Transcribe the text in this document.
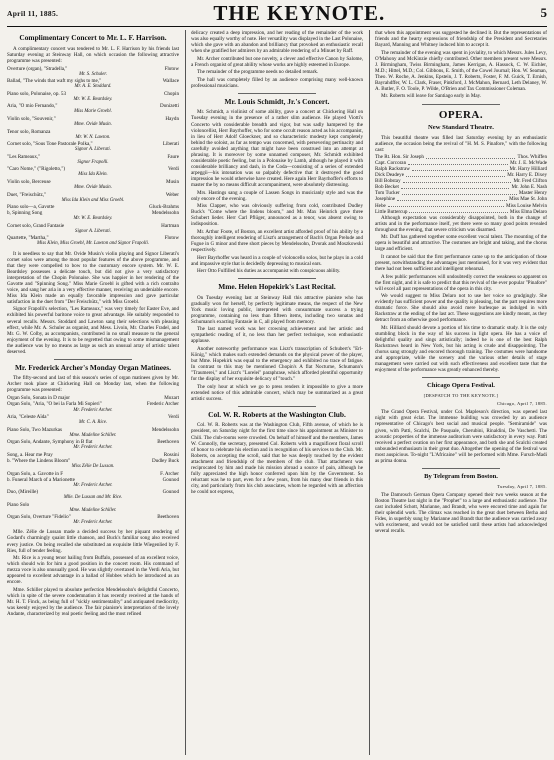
April 11, 1885.	THE KEYNOTE.	5
Complimentary Concert to Mr. L. F. Harrison.

A complimentary concert was tendered to Mr. L. F. Harrison by his friends last Saturday evening at Steinway Hall, on which occasion the following attractive programme was presented:

Overture (organ), "Stradella,"	Flotow
Mr. S. Schuler.
Ballad, "The winds that waft my sighs to me,"	Wallace
Mr. A. E. Stoddard.
Piano solo, Polonaise, op. 53	Chopin
Mr. W. E. Beardsley.
Aria, "O mio Fernando,"	Donizetti
Miss Marie Groebl.
Violin solo, "Souvenir,"	Haydn
Mme. Ovide Musin.
Tenor solo, Romanza
Mr. W. N. Lawton.
Cornet solo, "Sous Tone Pastorale Polka,"	Liberati
Signor A. Liberati.
"Les Rameaux,"	Faure
Signor Frapolli.
"Caro Nome," ("Rigoletto,")	Verdi
Miss Ida Klein.
Violin solo, Berceuse	Musin
Mme. Ovide Musin.
Duet, "Freischütz,"	Weber
Miss Ida Klein and Miss Groebl.
Piano solo—a, Gavotte	Gluck-Brahms
b, Spinning Song	Mendelssohn
Mr. W. E. Beardsley.
Cornet solo, Grand Fantasie	Hartman
Signor A. Liberati.
Quartette, "Martha,"	Flotow
Miss Klein, Miss Groebl, Mr. Lawton and Signor Frapolli.

It is needless to say that Mr. Ovide Musin's violin playing and Signor Liberati's cornet solos were among the most popular features of the above programme, and that they were compelled to bow to the customary encore system. Mr. W. E. Beardsley possesses a delicate touch, but did not give a very satisfactory interpretation of the Chopin Polonaise. She was happier in her rendering of the Gavotte and "Spinning Song." Miss Marie Groebl is gifted with a rich contralto voice, and sang her aria in a very effective manner, receiving an undeniable encore. Miss Ida Klein made an equally favorable impression and gave particular satisfaction in the duet from "Der Freischütz," with Miss Groebl.

Signor Frapolli's selection, "Les Rameaux," was very timely for Easter Eve, and exhibited his powerful baritone voice to great advantage. He suitably responded to several recalls. Messrs. Stoddard and Lawton sang their selections with pleasing effect, while Mr. A. Schuler as organist, and Mess. Livoin, Mr. Charles Fradel, and Mr. G. W. Colby, as accompanists, contributed in no small measure to the general enjoyment of the evening. It is to be regretted that owing to some mismanagement the audience was by no means as large as such an unusual array of artistic talent deserved.

Mr. Frederick Archer's Monday Organ Matinees.

The fifty-second and last of this season's series of organ matinees given by Mr. Archer took place at Chickering Hall on Monday last, when the following programme was presented:

Organ Solo, Sonata in D major	Mozart
Organ Solo, "Aria, "O bei la Farla Mi Sopieri"	Frederic Archer
Mr. Frederic Archer.
Aria, "Celeste Aïda"	Verdi
Mr. C. A. Rice.
Piano Solo, Two Mazurkas	Mendelssohn
Mme. Madeline Schiller.
Organ Solo, Andante, Symphony in B flat	Beethoven
Mr. Frederic Archer.
Song, a. Hear me Pray	Rossini
b. "Where the Lindens Bloom"	Dudley Buck
Miss Zélie De Lussan.
Organ Solo, a. Gavotte in F	F. Archer
b. Funeral March of a Marionette	Gounod
Mr. Frederic Archer.
Duo, (Mireille)	Gounod
Mlle. De Lussan and Mr. Rice.
Piano Solo
Mme. Madeline Schiller.
Organ Solo, Overture "Fidelio"	Beethoven
Mr. Frederic Archer.

Mlle. Zélie de Lussan made a decided success by her piquant rendering of Godard's charmingly quaint little chanson, and Buck's familiar song also received every justice. On being recalled she substituted an exquisite little Wiegenlied by F. Ries, full of tender feeling.

Mr. Rice is a young tenor hailing from Buffalo, possessed of an excellent voice, which should win for him a good position in the concert room. His command of mezza voce is also unusually good. He was slightly overtaxed in the Verdi Aria, but appeared to excellent advantage in a ballad of Hobbes which he introduced as an encore.

Mme. Schiller played to absolute perfection Mendelssohn's delightful Concerto, which in spite of the severe condemnation it has recently received at the hands of Mr. H. T. Finck, as being full of "sickly sentimentality" and antiquated mediocrity, was keenly enjoyed by the audience. The fair pianiste's interpretation of the lovely Andante, characterized by real poetic feeling and the most refined

delicacy created a deep impression, and her reading of the remainder of the work was also equally worthy of note. Her versatility was displayed in the Last Polonaise, which she gave with an abandon and brilliancy that provoked an enthusiastic recall when she gratified her admirers by an admirable rendering of a Minuet by Raff.

Mr. Archer contributed but one novelty, a clever and effective Canon by Salome, a French organist of great ability whose works are highly esteemed in Europe.

The remainder of the programme needs no detailed remark.

The hall was completely filled by an audience comprising many well-known professional musicians.

Mr. Louis Schmidt, Jr.'s Concert.

Mr. Schmidt, a violinist of some ability, gave a concert at Chickering Hall on Tuesday evening in the presence of a rather slim audience. He played Viotti's Concerto with considerable breadth and vigor, but was sadly hampered by the violoncellist, Herr Bayrhoffer, who for some occult reason acted as his accompanist, in lieu of Herr Adolf Gloeckner, and so characteristic modesty kept completely behind the soloist, as far as tempo was concerned, with persevering pertinacity and carefully avoided anything that might have been construed into an attempt at phrasing. It is moreover by some unnamed composer, Mr. Schmidt exhibited considerable poetic feeling, but in a Polonaise by Lamb, although he played it with considerable brilliancy and dash, in the Coda—consisting of a series of extended arpeggii—his intonation was so palpably defective that it destroyed the good impression he would otherwise have created. Here again Herr Bayrhoffer's efforts to master the by no means difficult accompaniment, were absolutely distressing.

Mrs. Hastings sang a couple of Lassen Songs in musicianly style and was the only encore of the evening.

Miss Clapper, who was obviously suffering from cold, contributed Dudley Buck's "Come where the lindens bloom," and Mr. Max Heinrich gave three Schubert lieder. Herr Carl Pflüger, announced as a tenor, was absent owing to indisposition.

Mr. Arthur Foote, of Boston, an excellent artist afforded proof of his ability by a thoroughly intelligent rendering of Liszt's arrangement of Bach's Organ Prelude and Fugue in G minor and three short pieces by Mendelssohn, Dvorak and Moszkowski respectively.

Herr Bayrhoffer was heard in a couple of violoncello solos, but he plays in a cold and impassive style that is decidedly depressing to musical ears.

Herr Otto Fulfilled his duties as accompanist with conspicuous ability.

Mme. Helen Hopekirk's Last Recital.

On Tuesday evening last at Steinway Hall this attractive pianiste who has gradually won for herself, by perfectly legitimate means, the respect of the New York music loving public, interpreted with consummate success a trying programme, containing no less than fifteen items, including two sonatas and Schumann's exacting Fantasie in C, all played from memory.

The last named work was her crowning achievement and her artistic and sympathetic reading of it, no less than her perfect technique, won enthusiastic applause.

Another noteworthy performance was Liszt's transcription of Schubert's "Erl-König," which makes such extended demands on the physical power of the player, but Mme. Hopekirk was equal to the emergency and exhibited no trace of fatigue. In contrast to this may be mentioned Chopin's A flat Nocturne, Schumann's "Traumerei," and Liszt's "Lorelei" paraphrase, which afforded plentiful opportunity for the display of her exquisite delicacy of "touch."

The only hour at which we go to press renders it impossible to give a more extended notice of this admirable concert, which may be summarized as a great artistic success.

Col. W. R. Roberts at the Washington Club.

Col. W. R. Roberts was at the Washington Club, Fifth avenue, of which he is president, on Saturday night for the first time since his appointment as Minister to Chili. The club-rooms were crowded. On behalf of himself and the members, James W. Connolly, the secretary, presented Col. Roberts with a magnificent floral scroll of honor to celebrate his election and in recognition of his services to the Club. Mr. Roberts, on accepting the scroll, said that he was deeply touched by the evident attachment and friendship of the members of the club. That attachment was reciprocated by him and made his mission abroad a source of pain, although he fully appreciated the high honor conferred upon him by the Government. So reluctant was he to part, even for a few years, from his many dear friends in this city, and particularly from his club associates, whom he regarded with an affection he could not express,

that when this appointment was suggested he declined it. But the representations of friends and the hearty expressions of friendship of the President and Secretaries Bayard, Manning and Whitney induced him to accept it.

The remainder of the evening was spent in joviality, to which Messrs. Jules Levy, O'Mahony and McKinzie chiefly contributed. Other members present were Messrs. J. Birmingham, Twiss Birmingham, James Kerrigan, A. Hassock, C. W. Eichler, M.D.; Hittel, M.D.; Col. Gibbons, E. Smith, of the Cowel Journal; Hon. W. Seaman, Theo. W. Roche, A. Jenkins, Epstein, J. T. Roberts, Foster, F. M. Guick, T. Ernish, Bayrahdffer, W. L. Clark, Fraser, Pinkford, J. McMahon, Bernard, Leth Delaney, W. A. Butler, F. O. Toole, P. Wilde, O'Brien and Tax Commissioner Coleman.

Mr. Roberts will leave for Santiago early in May.

OPERA.
New Standard Theatre.

This beautiful theatre was filled last Saturday evening by an enthusiastic audience, the occasion being the revival of "H. M. S. Pinafore," with the following cast:

The Rt. Hon. Sir Joseph	Thos. Whiffen
Capt. Corcoran	Mr. J. E. McWade
Ralph Rackstraw	Mr. Harry Hilliard
Dick Deadeye	Mr. Harry E. Dixey
Bill Bobstay	Mr. Fred Clifton
Bob Becket	Mr. John E. Nash
Tom Tucker	Master Henry
Josephine	Miss Mae St. John
Hebe	Miss Louise Melvin
Little Buttercup	Miss Elma Delaro

Although expectation was considerably disappointed, both in the change of artists and in the performance itself, yet there were so many good points revealed throughout the evening, that severe criticism was disarmed.

Mr. Duff has gathered together some excellent vocal talent. The mounting of the opera is beautiful and attractive. The costumes are bright and taking, and the chorus large and efficient.

It cannot be said that the first performance came up to the anticipation of those present, notwithstanding the advantages just mentioned, for it was very evident that there had not been sufficient and intelligent rehearsal.

A few public performances will undoubtedly correct the weakness so apparent on the first night, and it is safe to predict that this revival of the ever popular "Pinafore" will excel all past representations of the opera in this city.

We would suggest to Miss Delaro not to use her voice so grudgingly. She evidently has sufficient power and the quality is pleasing, but the part requires more dramatic force. She should also avoid mere burlesque as indulged in with Rackstraw at the ending of the last act. These suggestions are kindly meant, as they detract from an otherwise good performance.

Mr. Hilliard should devote a portion of his time to dramatic study. It is the only stumbling block in the way of his success in light opera. He has a voice of delightful quality and sings artistically; indeed he is one of the best Ralph Rackstraws heard in New York, but his acting is crude and disappointing. The chorus sang strongly and encored thorough training. The costumes were handsome and appropriate, while the scenery and the various other details of stage management were carried out with such effectiveness and excellent taste that the enjoyment of the performance was greatly enhanced thereby.

Chicago Opera Festival.
[DESPATCH TO THE KEYNOTE.]
Chicago, April 7, 1885.

The Grand Opera Festival, under Col. Mapleson's direction, was opened last night with great éclat. The immense building was crowded by an audience representative of Chicago's best social and musical people. "Semiramide" was given, with Patti, Scalchi, De Pasquale, Cherubini, Rinaldini, De Vaschetti. The acoustic properties of the immense auditorium were satisfactory in every way. Patti received a perfect ovation on her first appearance, and both she and Scalchi created unbounded enthusiasm in their great duo. Altogether the opening of the festival was most auspicious. To-night "L'Africaine" will be performed with Mme. Fursch-Madi as prima donna.

By Telegram from Boston.
Tuesday, April 7, 1885.

The Damrosch German Opera Company opened their two weeks season at the Boston Theatre last night in the "Prophet" to a large and enthusiastic audience. The cast included Schott, Marianne, and Brandt, who were encored time and again for their splendid work. The climax was reached in the great duet between Berha and Fides, in superbly sung by Marianne and Brandt that the audience was carried away with excitement, and would not be satisfied until these artists had acknowledged several recalls.
